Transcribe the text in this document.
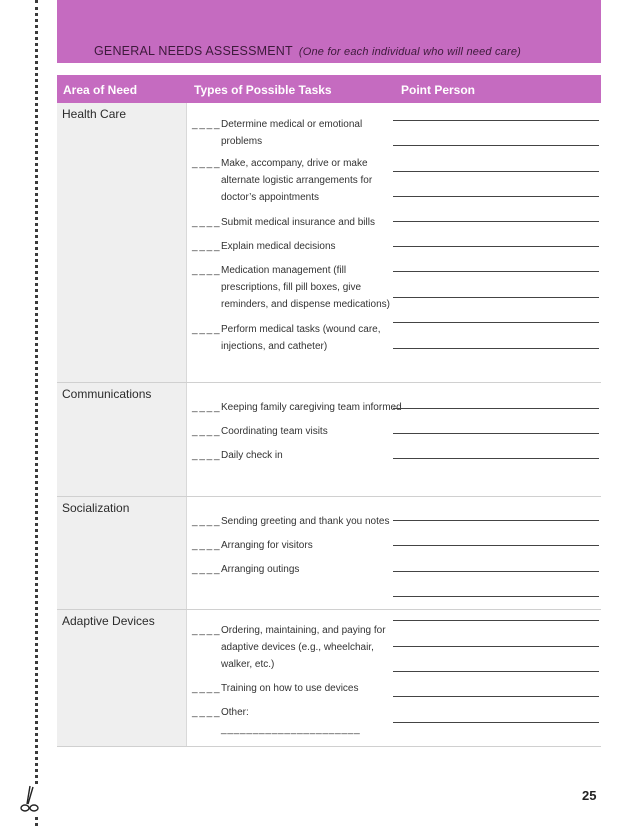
GENERAL NEEDS ASSESSMENT (One for each individual who will need care)
Area of Need	Types of Possible Tasks	Point Person
Health Care
_ _ _ _ Determine medical or emotional problems
_ _ _ _ Make, accompany, drive or make alternate logistic arrangements for doctor’s appointments
_ _ _ _ Submit medical insurance and bills
_ _ _ _ Explain medical decisions
_ _ _ _ Medication management (fill prescriptions, fill pill boxes, give reminders, and dispense medications)
_ _ _ _ Perform medical tasks (wound care, injections, and catheter)
Communications
_ _ _ _ Keeping family caregiving team informed
_ _ _ _ Coordinating team visits
_ _ _ _ Daily check in
Socialization
_ _ _ _ Sending greeting and thank you notes
_ _ _ _ Arranging for visitors
_ _ _ _ Arranging outings
Adaptive Devices
_ _ _ _ Ordering, maintaining, and paying for adaptive devices (e.g., wheelchair, walker, etc.)
_ _ _ _ Training on how to use devices
_ _ _ _ Other:
_ _ _ _ _ _ _ _ _ _ _ _ _ _ _ _ _ _ _ _ _ _
25
